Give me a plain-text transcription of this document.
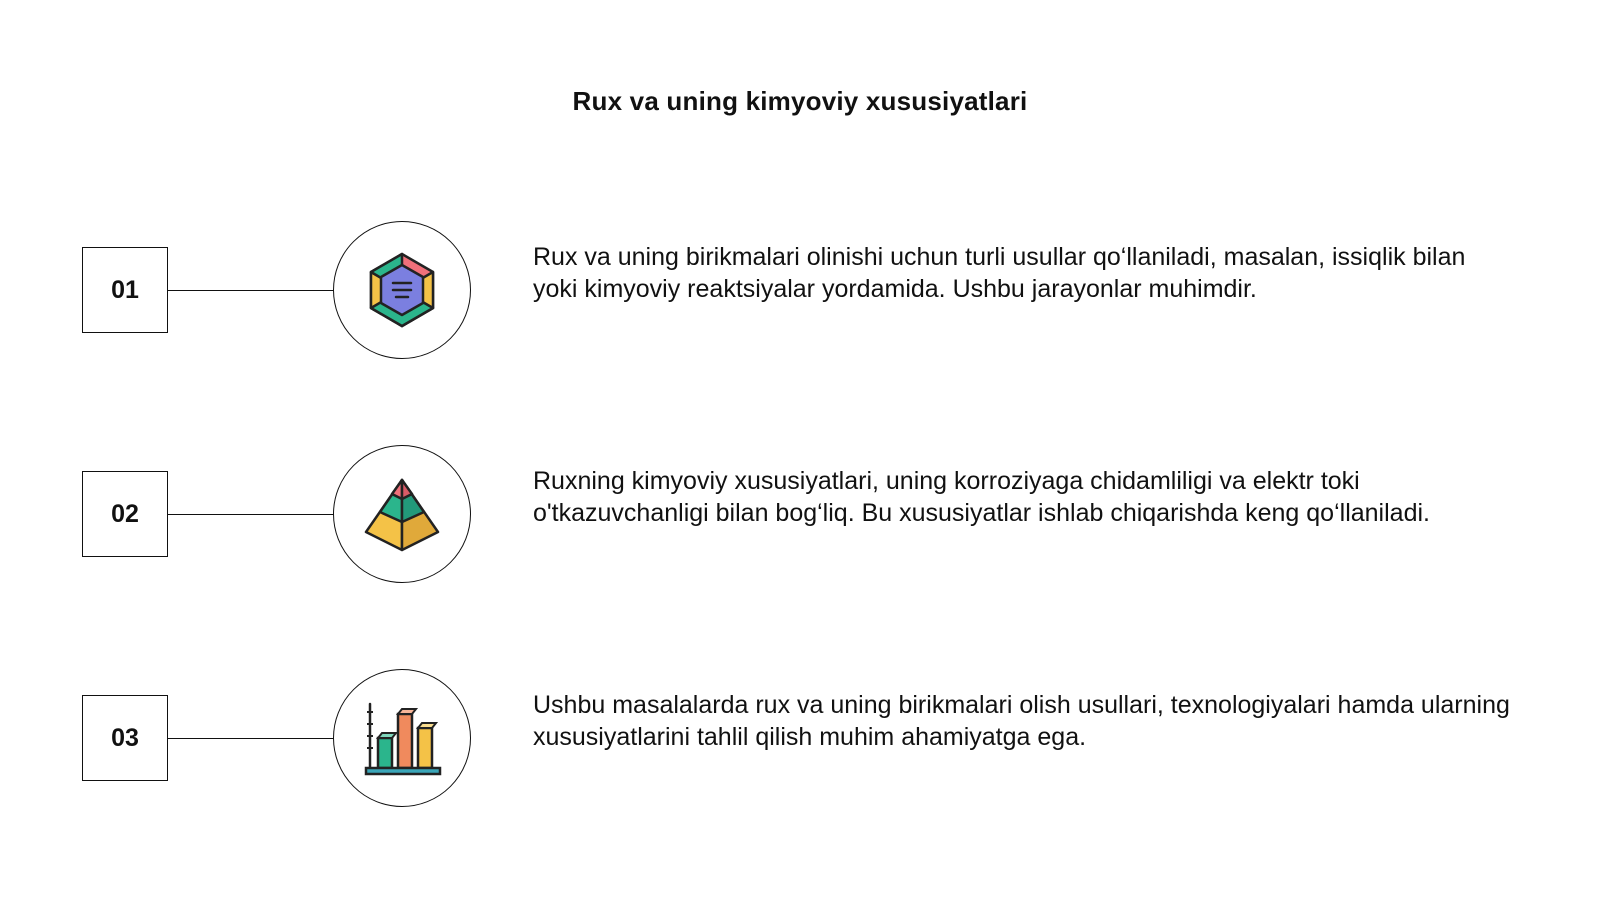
Rux va uning kimyoviy xususiyatlari
01
Rux va uning birikmalari olinishi uchun turli usullar qo‘llaniladi, masalan, issiqlik bilan yoki kimyoviy reaktsiyalar yordamida. Ushbu jarayonlar muhimdir.
02
Ruxning kimyoviy xususiyatlari, uning korroziyaga chidamliligi va elektr toki o'tkazuvchanligi bilan bog‘liq. Bu xususiyatlar ishlab chiqarishda keng qo‘llaniladi.
03
Ushbu masalalarda rux va uning birikmalari olish usullari, texnologiyalari hamda ularning xususiyatlarini tahlil qilish muhim ahamiyatga ega.
